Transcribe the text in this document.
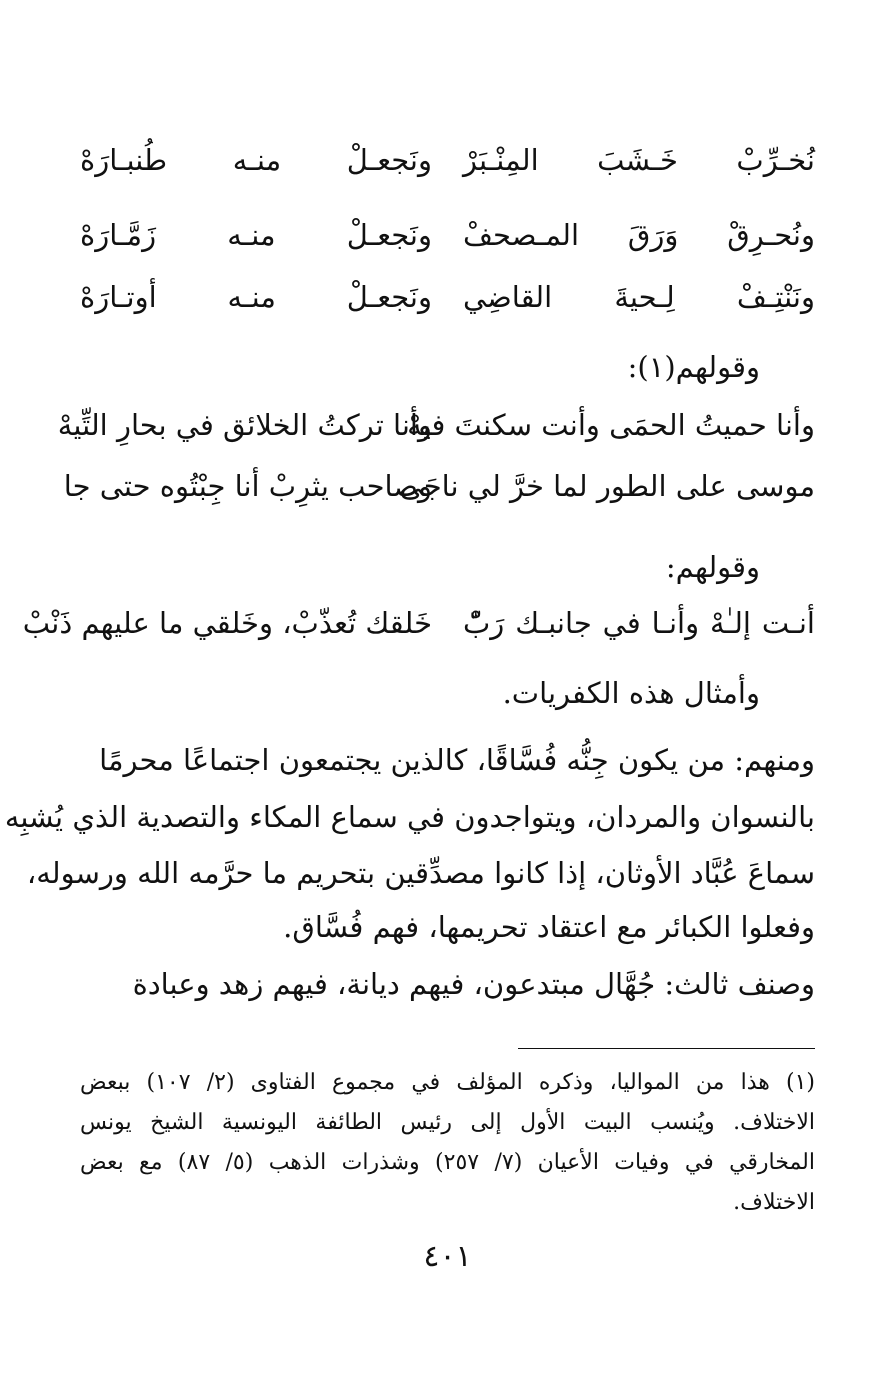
نُخـرِّبْ خَـشَبَ المِنْـبَرْ
ونَجعـلْ منـه طُنبـارَهْ
ونُحـرِقْ وَرَقَ المـصحفْ
ونَجعـلْ منـه زَمَّـارَهْ
ونَنْتِـفْ لِـحيةَ القاضِي
ونَجعـلْ منـه أوتـارَهْ
وقولهم(١):
وأنا حميتُ الحمَى وأنت سكنتَ فيهْ
وأنا تركتُ الخلائق في بحارِ التِّيهْ
موسى على الطور لما خرَّ لي ناجَى
وصاحب يثرِبْ أنا جِبْتُوه حتى جا
وقولهم:
أنـت إلـٰهْ وأنـا في جانبـك رَبّْ
خَلقك تُعذّبْ، وخَلقي ما عليهم ذَنْبْ
وأمثال هذه الكفريات.
ومنهم: من يكون جِنُّه فُسَّاقًا، كالذين يجتمعون اجتماعًا محرمًا
بالنسوان والمردان، ويتواجدون في سماع المكاء والتصدية الذي يُشبِه
سماعَ عُبَّاد الأوثان، إذا كانوا مصدِّقين بتحريم ما حرَّمه الله ورسوله،
وفعلوا الكبائر مع اعتقاد تحريمها، فهم فُسَّاق.
وصنف ثالث: جُهَّال مبتدعون، فيهم ديانة، فيهم زهد وعبادة
(١) هذا من المواليا، وذكره المؤلف في مجموع الفتاوى (٢/ ١٠٧) ببعض
الاختلاف. ويُنسب البيت الأول إلى رئيس الطائفة اليونسية الشيخ يونس
المخارقي في وفيات الأعيان (٧/ ٢٥٧) وشذرات الذهب (٥/ ٨٧) مع بعض
الاختلاف.
٤٠١
